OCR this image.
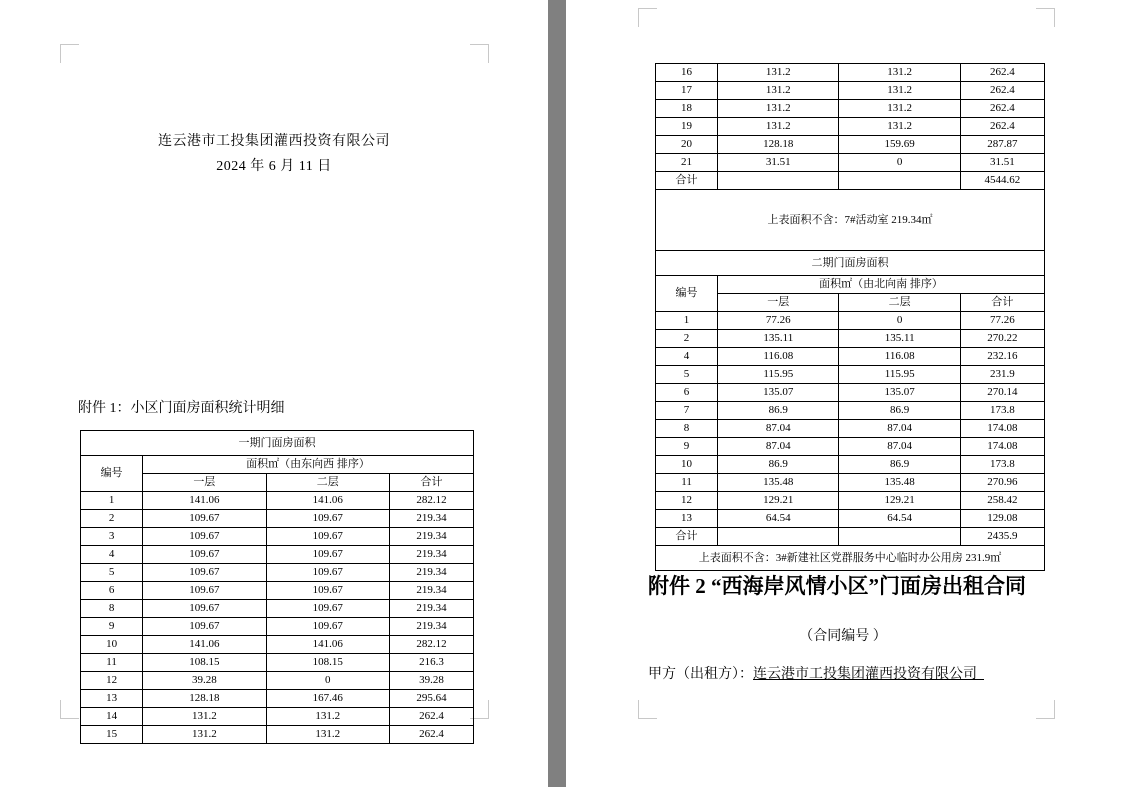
连云港市工投集团灌西投资有限公司
2024 年 6 月 11 日
附件 1：小区门面房面积统计明细
一期门面房面积			
编号	面积㎡（由东向西 排序）		
	一层	二层	合计
1	141.06	141.06	282.12
2	109.67	109.67	219.34
3	109.67	109.67	219.34
4	109.67	109.67	219.34
5	109.67	109.67	219.34
6	109.67	109.67	219.34
8	109.67	109.67	219.34
9	109.67	109.67	219.34
10	141.06	141.06	282.12
11	108.15	108.15	216.3
12	39.28	0	39.28
13	128.18	167.46	295.64
14	131.2	131.2	262.4
15	131.2	131.2	262.4
16	131.2	131.2	262.4
17	131.2	131.2	262.4
18	131.2	131.2	262.4
19	131.2	131.2	262.4
20	128.18	159.69	287.87
21	31.51	0	31.51
合计			4544.62
上表面积不含：7#活动室 219.34㎡			
二期门面房面积			
编号	面积㎡（由北向南 排序）		
	一层	二层	合计
1	77.26	0	77.26
2	135.11	135.11	270.22
4	116.08	116.08	232.16
5	115.95	115.95	231.9
6	135.07	135.07	270.14
7	86.9	86.9	173.8
8	87.04	87.04	174.08
9	87.04	87.04	174.08
10	86.9	86.9	173.8
11	135.48	135.48	270.96
12	129.21	129.21	258.42
13	64.54	64.54	129.08
合计			2435.9
上表面积不含：3#新建社区党群服务中心临时办公用房 231.9㎡			
附件 2 “西海岸风情小区”门面房出租合同
（合同编号 ）
甲方（出租方）：连云港市工投集团灌西投资有限公司
